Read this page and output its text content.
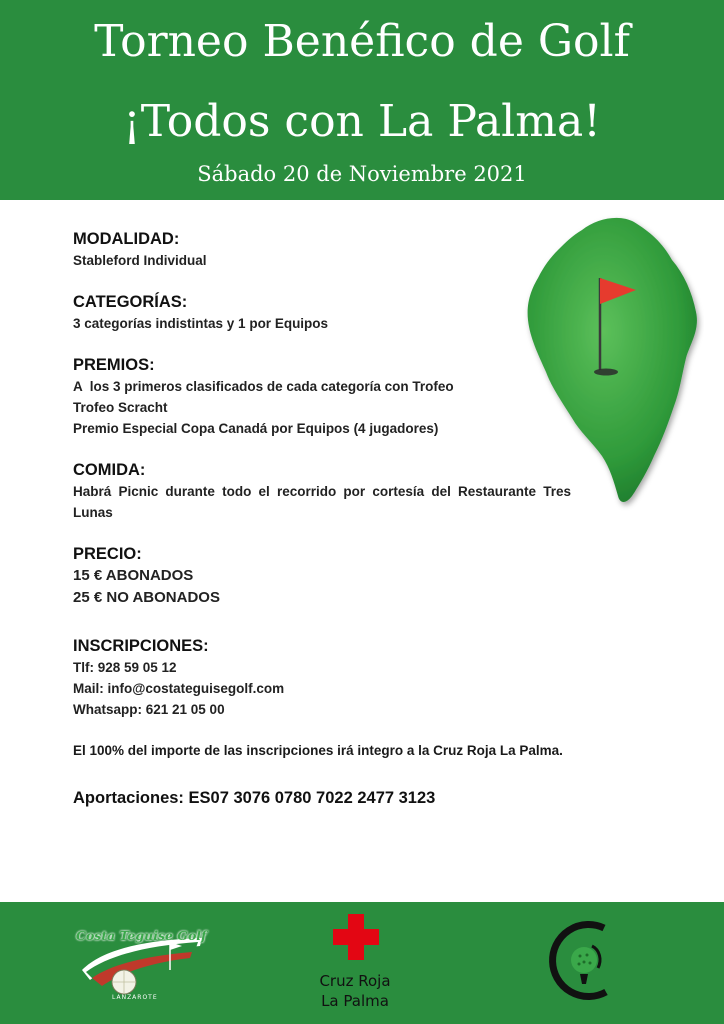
Torneo Benéfico de Golf
¡Todos con La Palma!
Sábado 20 de Noviembre 2021
MODALIDAD:
Stableford Individual
CATEGORÍAS:
3 categorías indistintas y 1 por Equipos
PREMIOS:
A  los 3 primeros clasificados de cada categoría con Trofeo
Trofeo Scracht
Premio Especial Copa Canadá por Equipos (4 jugadores)
COMIDA:
Habrá Picnic durante todo el recorrido por cortesía del Restaurante Tres Lunas
PRECIO:
15 € ABONADOS
25 € NO ABONADOS
INSCRIPCIONES:
Tlf: 928 59 05 12
Mail: info@costateguisegolf.com
Whatsapp: 621 21 05 00
El 100% del importe de las inscripciones irá integro a la Cruz Roja La Palma.
Aportaciones: ES07 3076 0780 7022 2477 3123
Costa Teguise Golf
LANZAROTE
Cruz Roja
La Palma
